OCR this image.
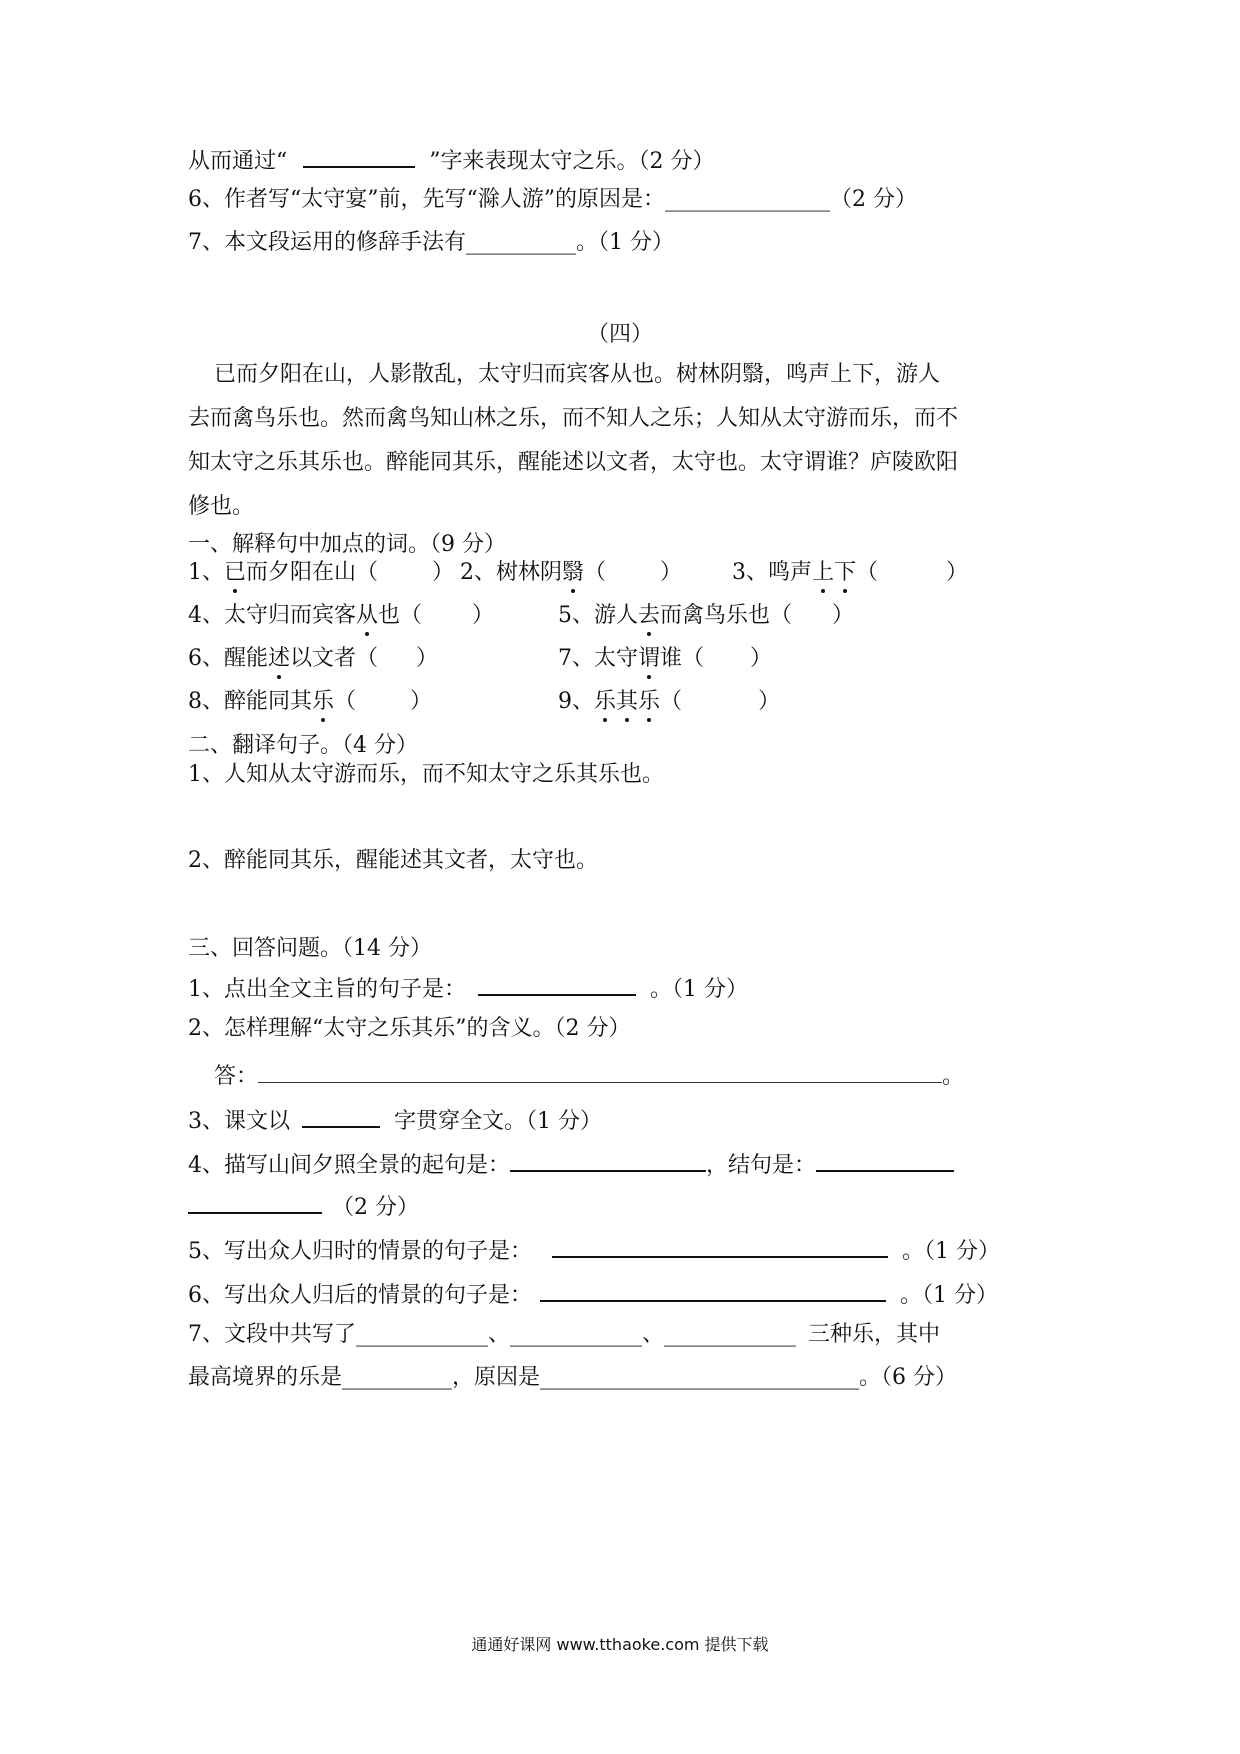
从而通过“	”字来表现太守之乐。（2 分）
6、作者写“太守宴”前，先写“滁人游”的原因是：_______________（2 分）
7、本文段运用的修辞手法有__________。（1 分）
（四）
已而夕阳在山，人影散乱，太守归而宾客从也。树林阴翳，鸣声上下，游人
去而禽鸟乐也。然而禽鸟知山林之乐，而不知人之乐；人知从太守游而乐，而不
知太守之乐其乐也。醉能同其乐，醒能述以文者，太守也。太守谓谁？庐陵欧阳
修也。
一、解释句中加点的词。（9 分）
1、已而夕阳在山（ ） 2、树林阴翳（ ） 3、鸣声上下（	）
4、太守归而宾客从也（ ）	5、游人去而禽鸟乐也（ ）
6、醒能述以文者（ ）	7、太守谓谁（ ）
8、醉能同其乐（ ）	9、乐其乐（	）
二、翻译句子。（4 分）
1、人知从太守游而乐，而不知太守之乐其乐也。
2、醉能同其乐，醒能述其文者，太守也。
三、回答问题。（14 分）
1、点出全文主旨的句子是：	。（1 分）
2、怎样理解“太守之乐其乐”的含义。（2 分）
答：	。
3、课文以	字贯穿全文。（1 分）
4、描写山间夕照全景的起句是：	，结句是：
（2 分）
5、写出众人归时的情景的句子是：	。（1 分）
6、写出众人归后的情景的句子是：	。（1 分）
7、文段中共写了____________、____________、____________ 三种乐，其中
最高境界的乐是__________，原因是_____________________________。（6 分）
通通好课网 www.tthaoke.com 提供下载
